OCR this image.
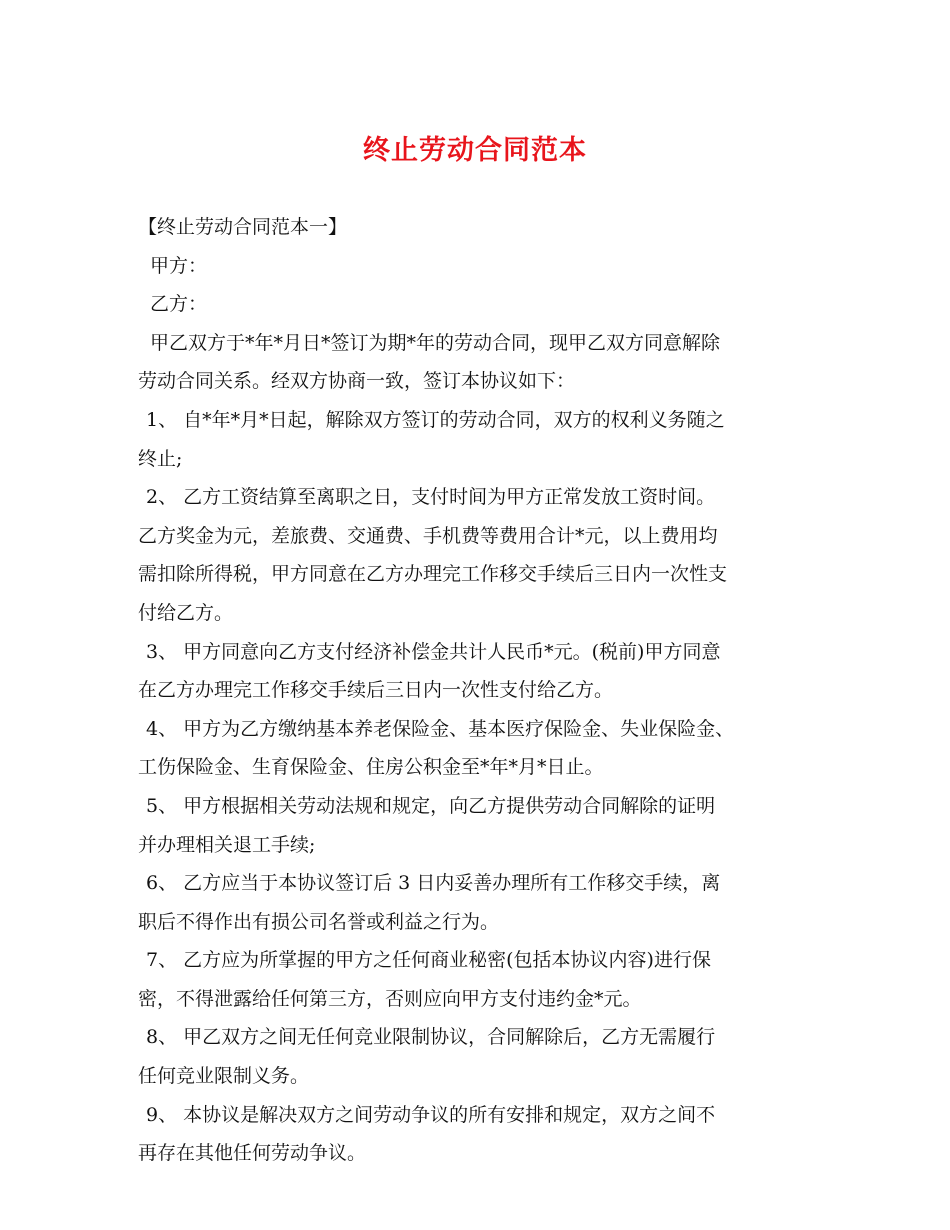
终止劳动合同范本
【终止劳动合同范本一】
甲方：
乙方：
甲乙双方于*年*月日*签订为期*年的劳动合同，现甲乙双方同意解除
劳动合同关系。经双方协商一致，签订本协议如下：
1、 自*年*月*日起，解除双方签订的劳动合同，双方的权利义务随之
终止;
2、 乙方工资结算至离职之日，支付时间为甲方正常发放工资时间。
乙方奖金为元，差旅费、交通费、手机费等费用合计*元，以上费用均
需扣除所得税，甲方同意在乙方办理完工作移交手续后三日内一次性支
付给乙方。
3、 甲方同意向乙方支付经济补偿金共计人民币*元。(税前)甲方同意
在乙方办理完工作移交手续后三日内一次性支付给乙方。
4、 甲方为乙方缴纳基本养老保险金、基本医疗保险金、失业保险金、
工伤保险金、生育保险金、住房公积金至*年*月*日止。
5、 甲方根据相关劳动法规和规定，向乙方提供劳动合同解除的证明
并办理相关退工手续;
6、 乙方应当于本协议签订后 3 日内妥善办理所有工作移交手续，离
职后不得作出有损公司名誉或利益之行为。
7、 乙方应为所掌握的甲方之任何商业秘密(包括本协议内容)进行保
密，不得泄露给任何第三方，否则应向甲方支付违约金*元。
8、 甲乙双方之间无任何竞业限制协议，合同解除后，乙方无需履行
任何竞业限制义务。
9、 本协议是解决双方之间劳动争议的所有安排和规定，双方之间不
再存在其他任何劳动争议。
